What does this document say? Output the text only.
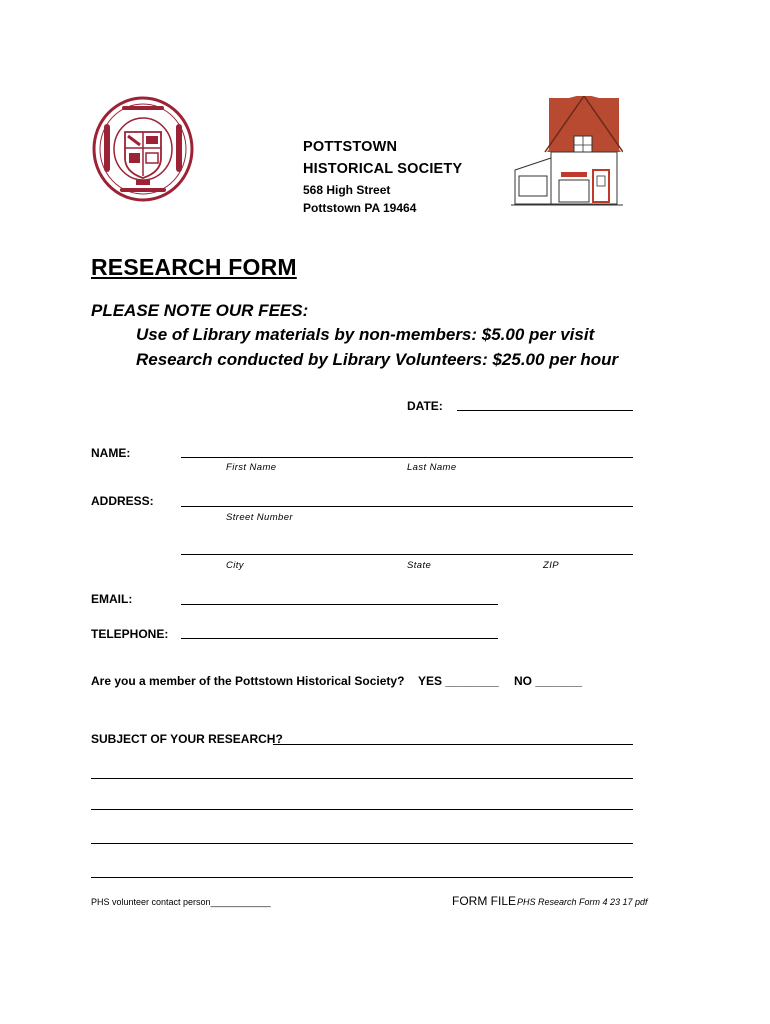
POTTSTOWN
HISTORICAL SOCIETY
568 High Street
Pottstown PA 19464
RESEARCH FORM
PLEASE NOTE OUR FEES:
Use of Library materials by non-members: $5.00 per visit
Research conducted by Library Volunteers: $25.00 per hour
DATE:
NAME:
First Name	Last Name
ADDRESS:
Street Number
City	State	ZIP
EMAIL:
TELEPHONE:
Are you a member of the Pottstown Historical Society? YES ________ NO _______
SUBJECT OF YOUR RESEARCH?
PHS volunteer contact person____________	FORM FILE PHS Research Form 4 23 17 pdf
